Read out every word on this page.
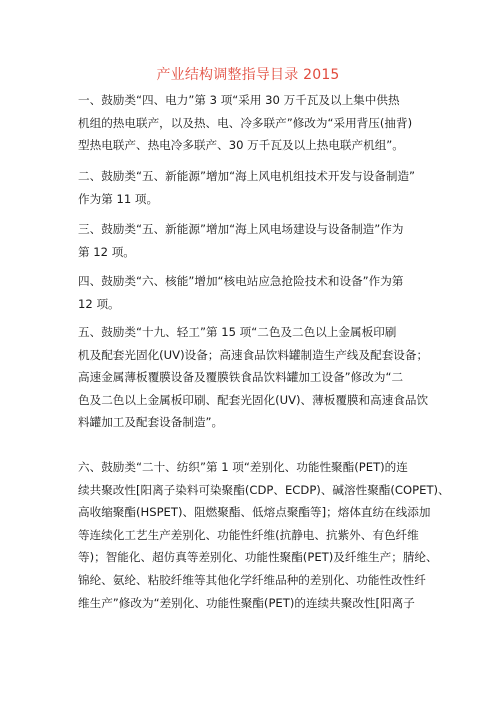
产业结构调整指导目录 2015

一、鼓励类“四、电力”第 3 项“采用 30 万千瓦及以上集中供热

机组的热电联产，以及热、电、冷多联产”修改为“采用背压(抽背)

型热电联产、热电冷多联产、30 万千瓦及以上热电联产机组”。

二、鼓励类“五、新能源”增加“海上风电机组技术开发与设备制造”

作为第 11 项。

三、鼓励类“五、新能源”增加“海上风电场建设与设备制造”作为

第 12 项。

四、鼓励类“六、核能”增加“核电站应急抢险技术和设备”作为第

12 项。

五、鼓励类“十九、轻工”第 15 项“二色及二色以上金属板印刷

机及配套光固化(UV)设备；高速食品饮料罐制造生产线及配套设备；

高速金属薄板覆膜设备及覆膜铁食品饮料罐加工设备”修改为“二

色及二色以上金属板印刷、配套光固化(UV)、薄板覆膜和高速食品饮

料罐加工及配套设备制造”。

六、鼓励类“二十、纺织”第 1 项“差别化、功能性聚酯(PET)的连

续共聚改性[阳离子染料可染聚酯(CDP、ECDP)、碱溶性聚酯(COPET)、

高收缩聚酯(HSPET)、阻燃聚酯、低熔点聚酯等]；熔体直纺在线添加

等连续化工艺生产差别化、功能性纤维(抗静电、抗紫外、有色纤维

等)；智能化、超仿真等差别化、功能性聚酯(PET)及纤维生产；腈纶、

锦纶、氨纶、粘胶纤维等其他化学纤维品种的差别化、功能性改性纤

维生产”修改为“差别化、功能性聚酯(PET)的连续共聚改性[阳离子
